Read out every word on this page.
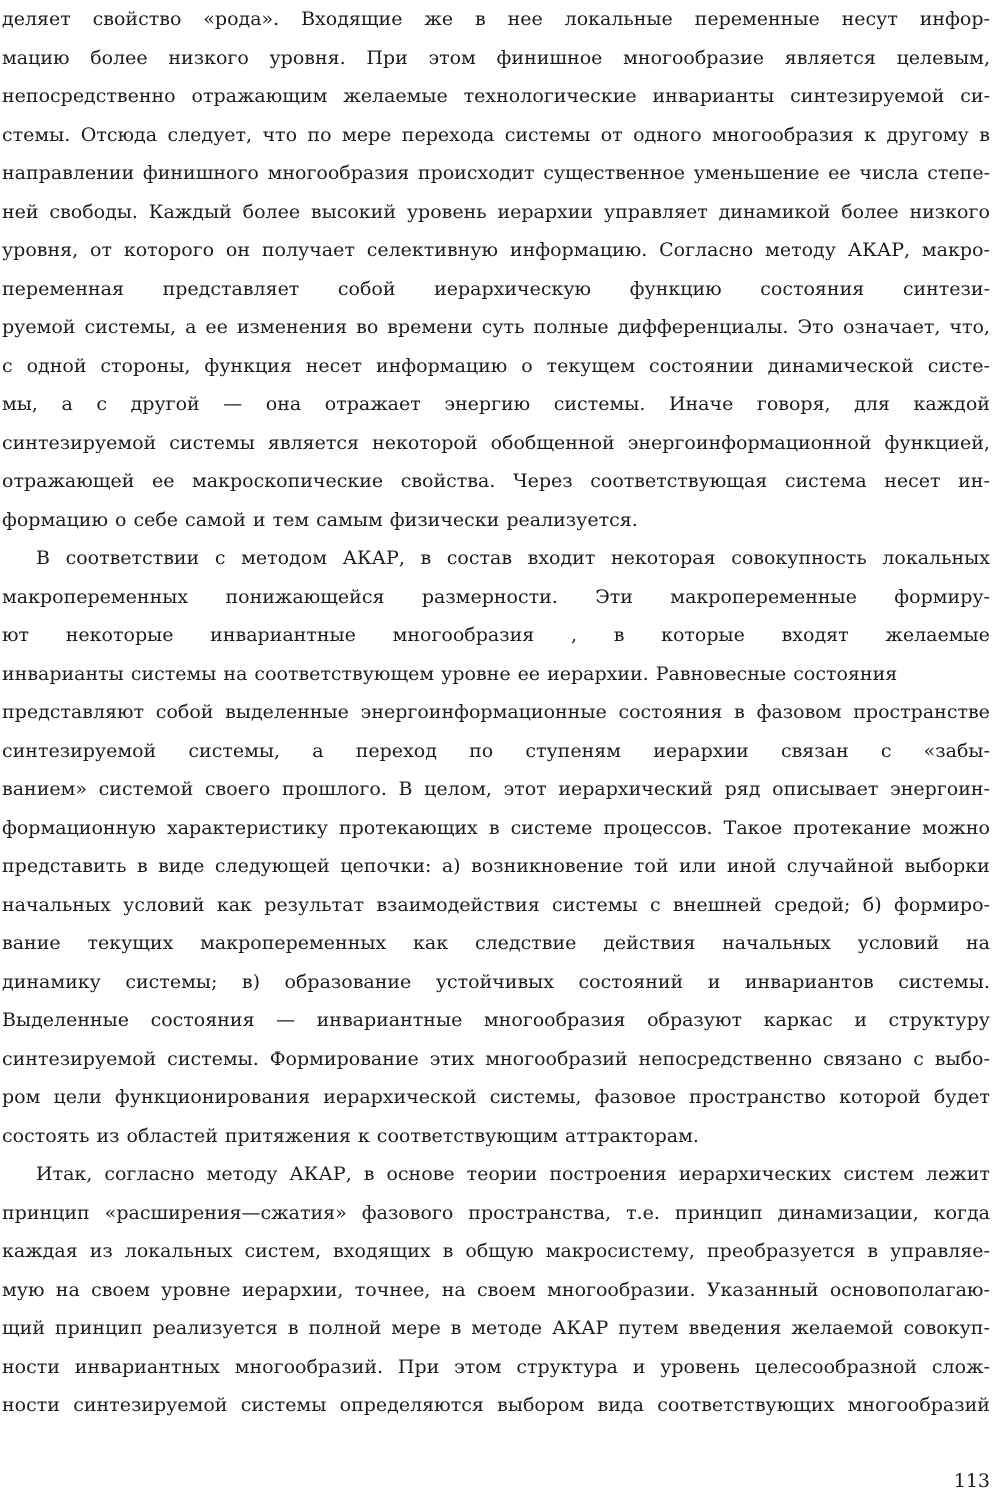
деляет свойство «рода». Входящие же в нее локальные переменные несут инфор-
мацию более низкого уровня. При этом финишное многообразие является целевым,
непосредственно отражающим желаемые технологические инварианты синтезируемой си-
стемы. Отсюда следует, что по мере перехода системы от одного многообразия к другому в
направлении финишного многообразия происходит существенное уменьшение ее числа степе-
ней свободы. Каждый более высокий уровень иерархии управляет динамикой более низкого
уровня, от которого он получает селективную информацию. Согласно методу АКАР, макро-
переменная представляет собой иерархическую функцию состояния синтези-
руемой системы, а ее изменения во времени суть полные дифференциалы. Это означает, что,
с одной стороны, функция несет информацию о текущем состоянии динамической систе-
мы, а с другой — она отражает энергию системы. Иначе говоря, для каждой
синтезируемой системы является некоторой обобщенной энергоинформационной функцией,
отражающей ее макроскопические свойства. Через соответствующая система несет ин-
формацию о себе самой и тем самым физически реализуется.
В соответствии с методом АКАР, в состав входит некоторая совокупность локальных
макропеременных понижающейся размерности. Эти макропеременные формиру-
ют некоторые инвариантные многообразия , в которые входят желаемые
инварианты системы на соответствующем уровне ее иерархии. Равновесные состояния
представляют собой выделенные энергоинформационные состояния в фазовом пространстве
синтезируемой системы, а переход по ступеням иерархии связан с «забы-
ванием» системой своего прошлого. В целом, этот иерархический ряд описывает энергоин-
формационную характеристику протекающих в системе процессов. Такое протекание можно
представить в виде следующей цепочки: а) возникновение той или иной случайной выборки
начальных условий как результат взаимодействия системы с внешней средой; б) формиро-
вание текущих макропеременных как следствие действия начальных условий на
динамику системы; в) образование устойчивых состояний и инвариантов системы.
Выделенные состояния — инвариантные многообразия образуют каркас и структуру
синтезируемой системы. Формирование этих многообразий непосредственно связано с выбо-
ром цели функционирования иерархической системы, фазовое пространство которой будет
состоять из областей притяжения к соответствующим аттракторам.
Итак, согласно методу АКАР, в основе теории построения иерархических систем лежит
принцип «расширения—сжатия» фазового пространства, т.е. принцип динамизации, когда
каждая из локальных систем, входящих в общую макросистему, преобразуется в управляе-
мую на своем уровне иерархии, точнее, на своем многообразии. Указанный основополагаю-
щий принцип реализуется в полной мере в методе АКАР путем введения желаемой совокуп-
ности инвариантных многообразий. При этом структура и уровень целесообразной слож-
ности синтезируемой системы определяются выбором вида соответствующих многообразий
113
